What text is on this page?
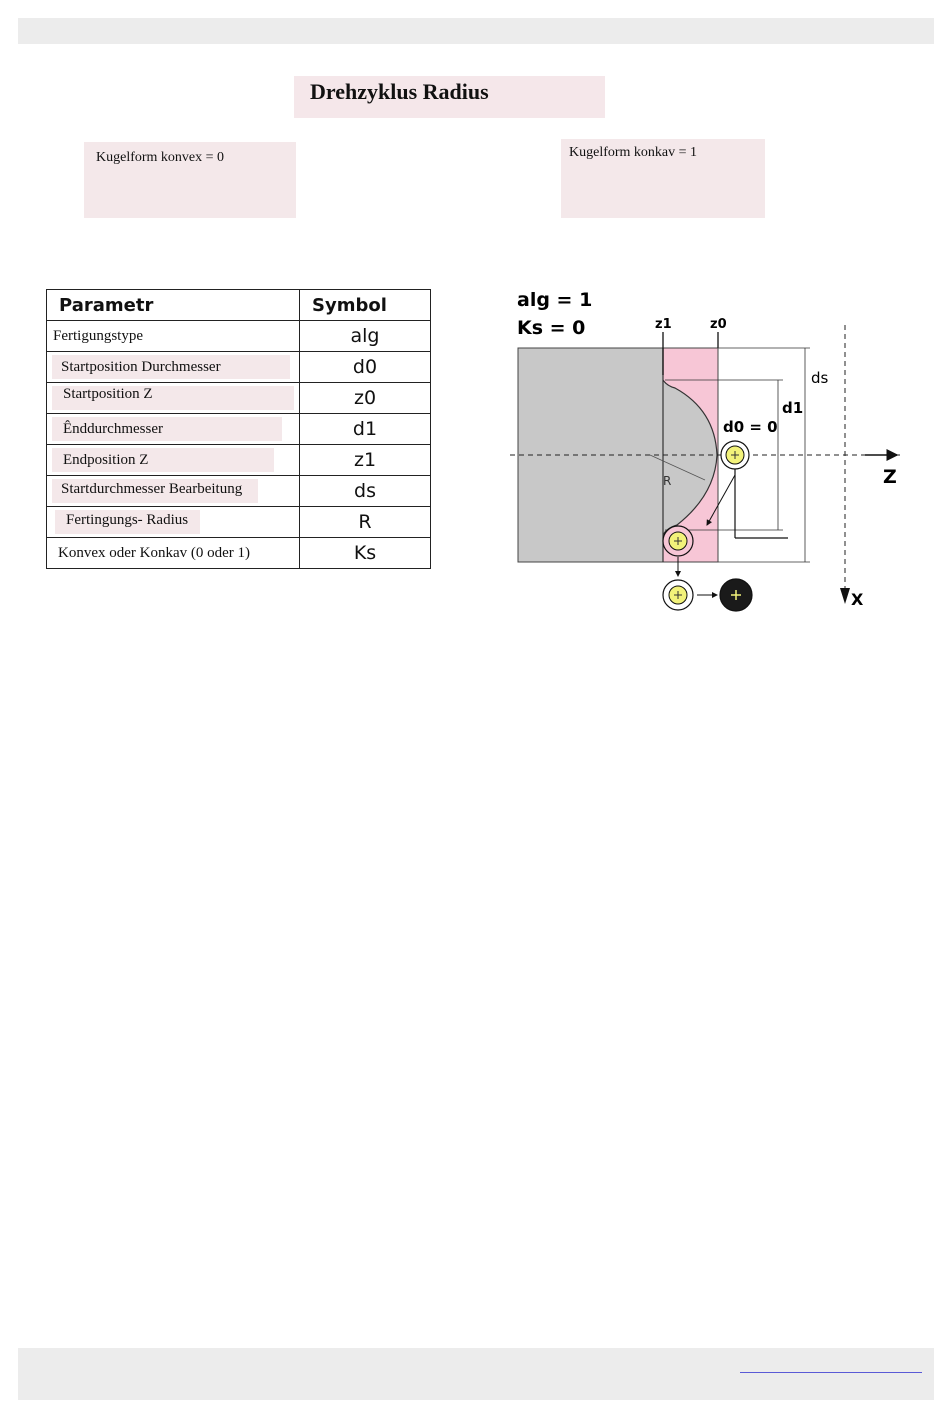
Drehzyklus Radius
Kugelform konvex = 0	Kugelform konkav = 1
Parametr	Symbol
Fertigungstype	alg

Startposition Durchmesser	d0

Startposition Z	z0

Ênddurchmesser	d1

Endposition Z	z1

Startdurchmesser Bearbeitung	ds

Fertingungs- Radius	R
Konvex oder Konkav (0 oder 1)	Ks
alg = 1
Ks = 0	z1	z0
ds
d1
d0 = 0
R	Z
X
